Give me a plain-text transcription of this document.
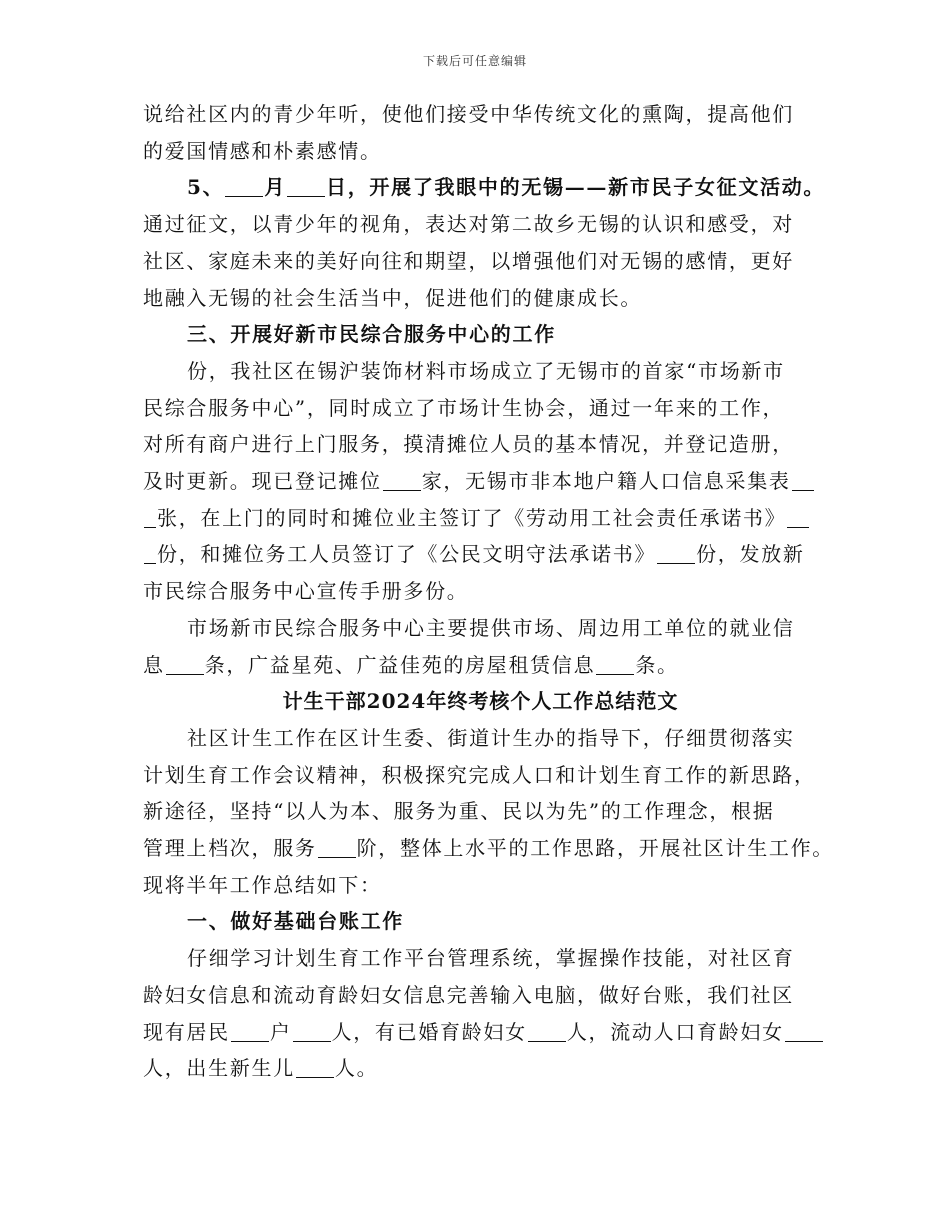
下载后可任意编辑

说给社区内的青少年听，使他们接受中华传统文化的熏陶，提高他们

的爱国情感和朴素感情。

5、 月 日，开展了我眼中的无锡——新市民子女征文活动。

通过征文，以青少年的视角，表达对第二故乡无锡的认识和感受，对

社区、家庭未来的美好向往和期望，以增强他们对无锡的感情，更好

地融入无锡的社会生活当中，促进他们的健康成长。

三、开展好新市民综合服务中心的工作

份，我社区在锡沪装饰材料市场成立了无锡市的首家“市场新市

民综合服务中心”，同时成立了市场计生协会，通过一年来的工作，

对所有商户进行上门服务，摸清摊位人员的基本情况，并登记造册，

及时更新。现已登记摊位 家，无锡市非本地户籍人口信息采集表

张，在上门的同时和摊位业主签订了《劳动用工社会责任承诺书》

份，和摊位务工人员签订了《公民文明守法承诺书》 份，发放新

市民综合服务中心宣传手册多份。

市场新市民综合服务中心主要提供市场、周边用工单位的就业信

息 条，广益星苑、广益佳苑的房屋租赁信息 条。

计生干部2024年终考核个人工作总结范文

社区计生工作在区计生委、街道计生办的指导下，仔细贯彻落实

计划生育工作会议精神，积极探究完成人口和计划生育工作的新思路，

新途径，坚持“以人为本、服务为重、民以为先”的工作理念，根据

管理上档次，服务 阶，整体上水平的工作思路，开展社区计生工作。

现将半年工作总结如下：

一、做好基础台账工作

仔细学习计划生育工作平台管理系统，掌握操作技能，对社区育

龄妇女信息和流动育龄妇女信息完善输入电脑，做好台账，我们社区

现有居民 户 人，有已婚育龄妇女 人，流动人口育龄妇女

人，出生新生儿 人。
